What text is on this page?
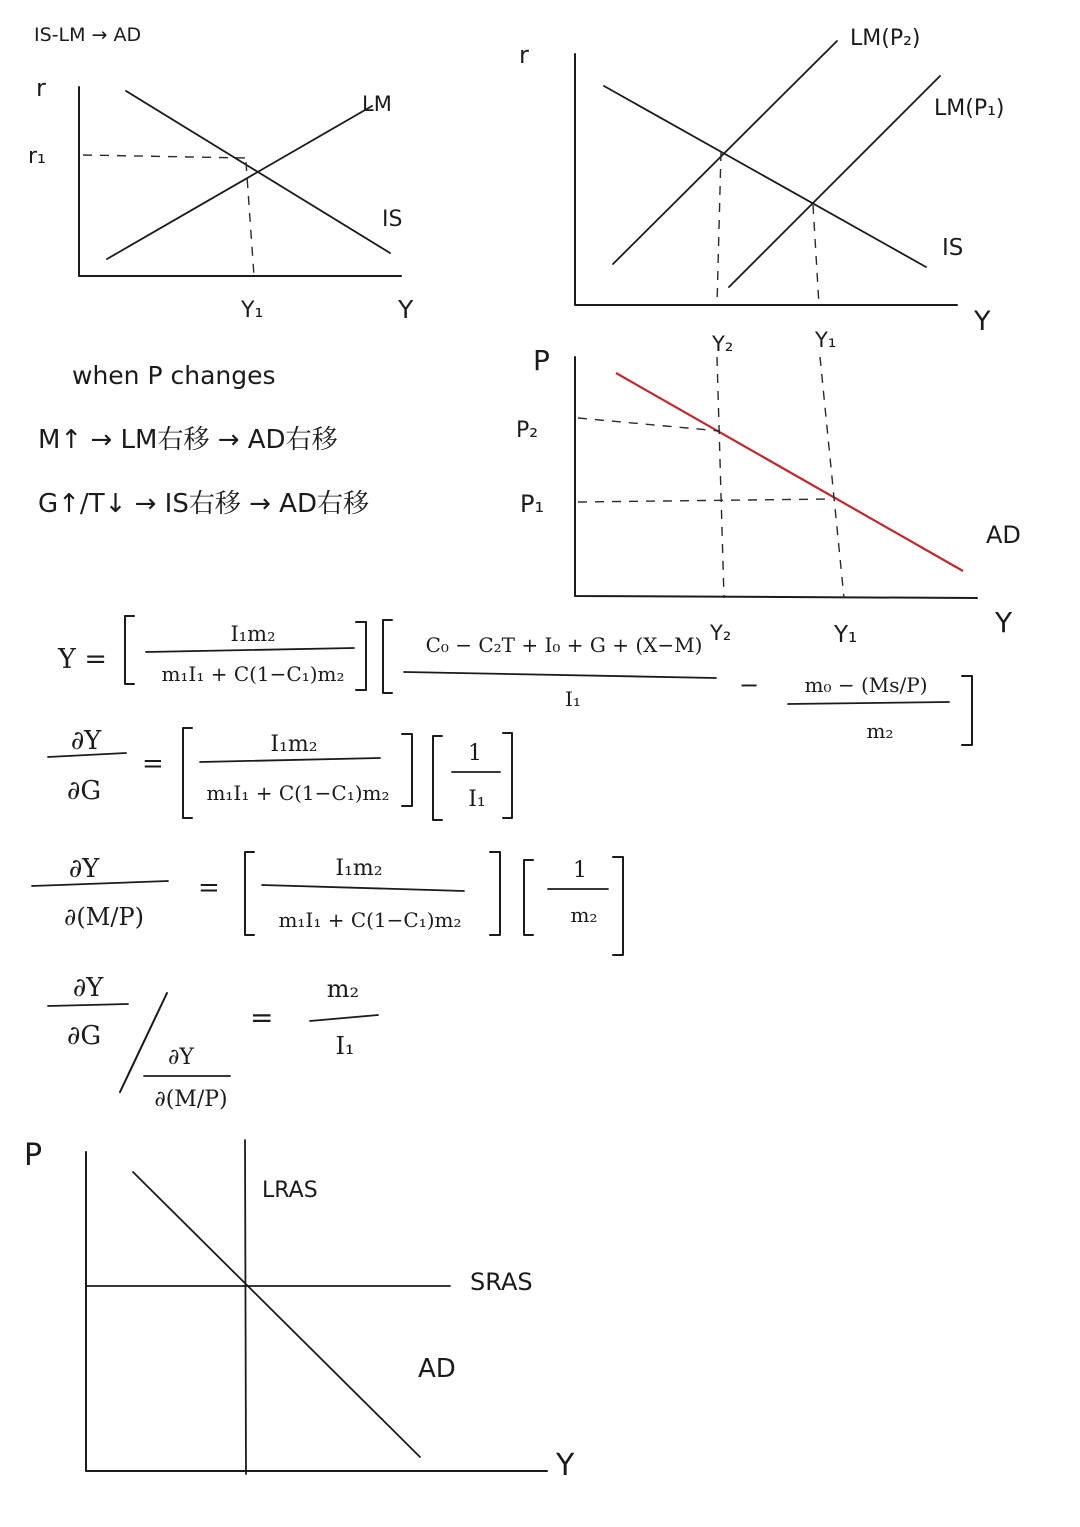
IS-LM → AD
r
Y
LM
IS
r₁
Y₁
r
Y
LM(P₂)
LM(P₁)
IS
Y₂	Y₁
P
Y
P₂
P₁
AD
Y₂	Y₁
when P changes
M↑ → LM右移 → AD右移
G↑/T↓ → IS右移 → AD右移
Y =
I₁m₂
m₁I₁ + C(1−C₁)m₂
C₀ − C₂T + I₀ + G + (X−M)
I₁	− m₀ − (Ms/P)
m₂
∂Y
∂G
=
I₁m₂
m₁I₁ + C(1−C₁)m₂
1
I₁
∂Y
∂(M/P)
=
I₁m₂
m₁I₁ + C(1−C₁)m₂
1
m₂
∂Y
∂G
∂Y
∂(M/P)
=
m₂
I₁
P
Y
LRAS
SRAS
AD
